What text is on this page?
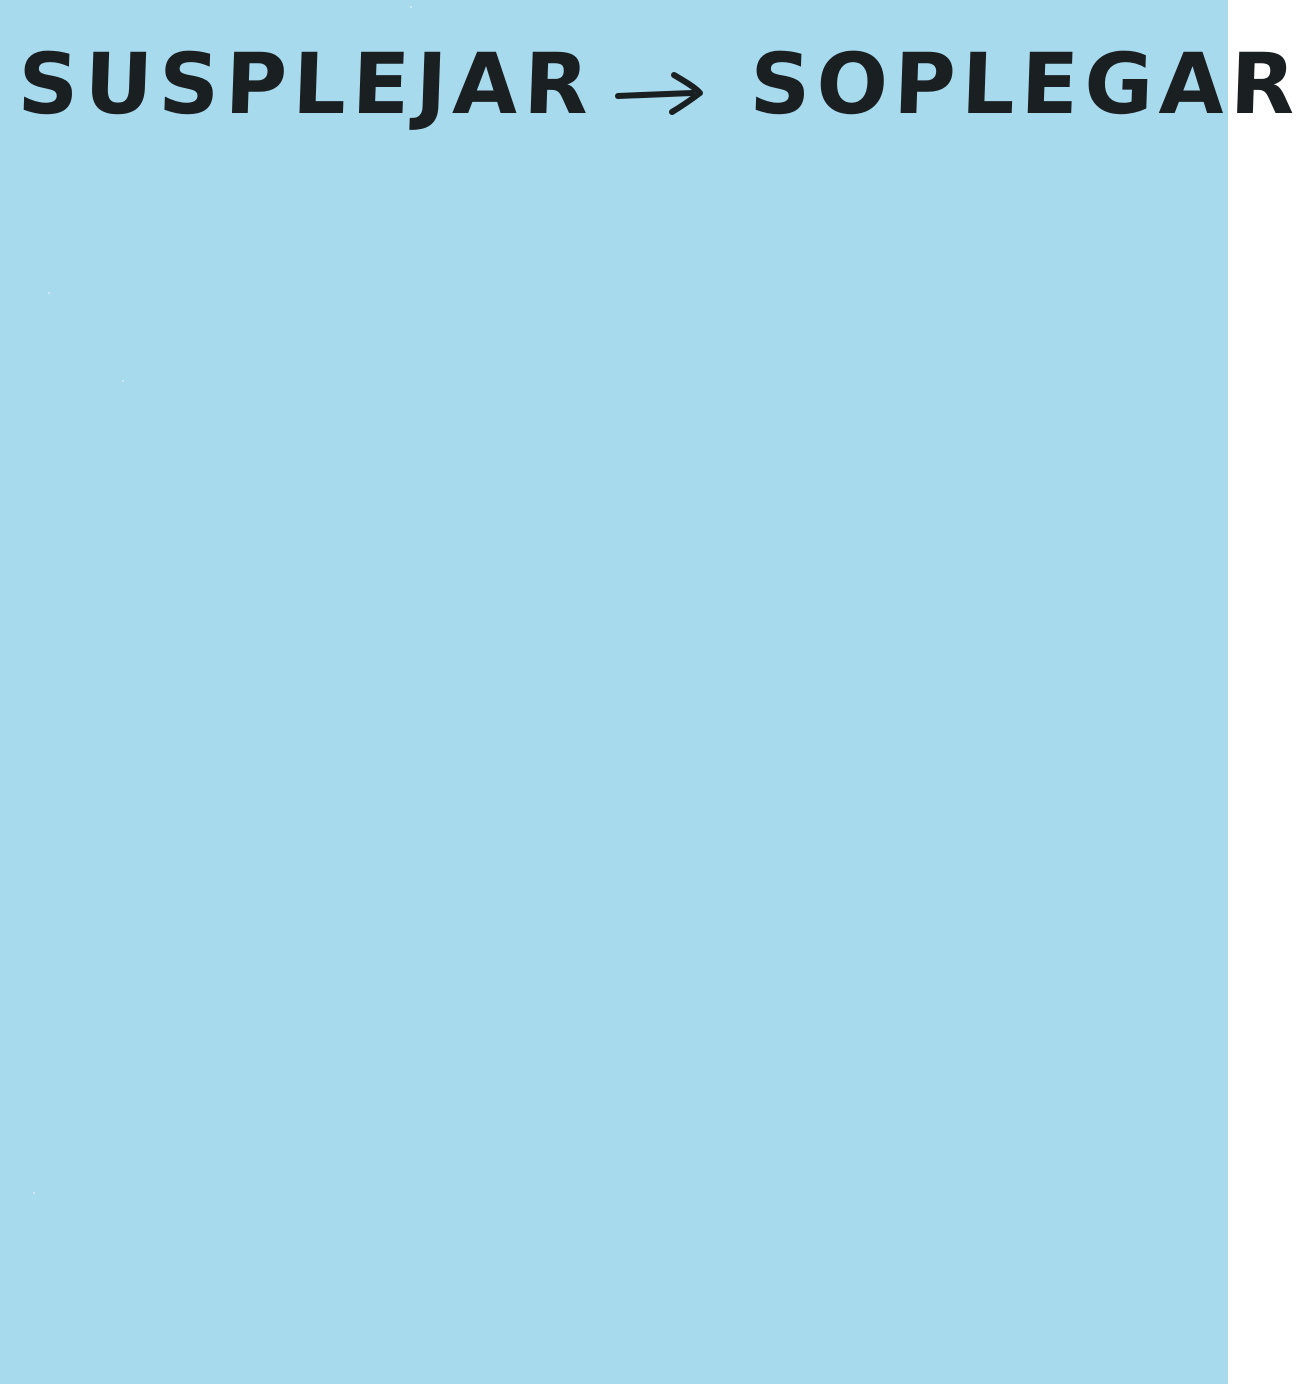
SUSPLEJAR SOPLEGAR
